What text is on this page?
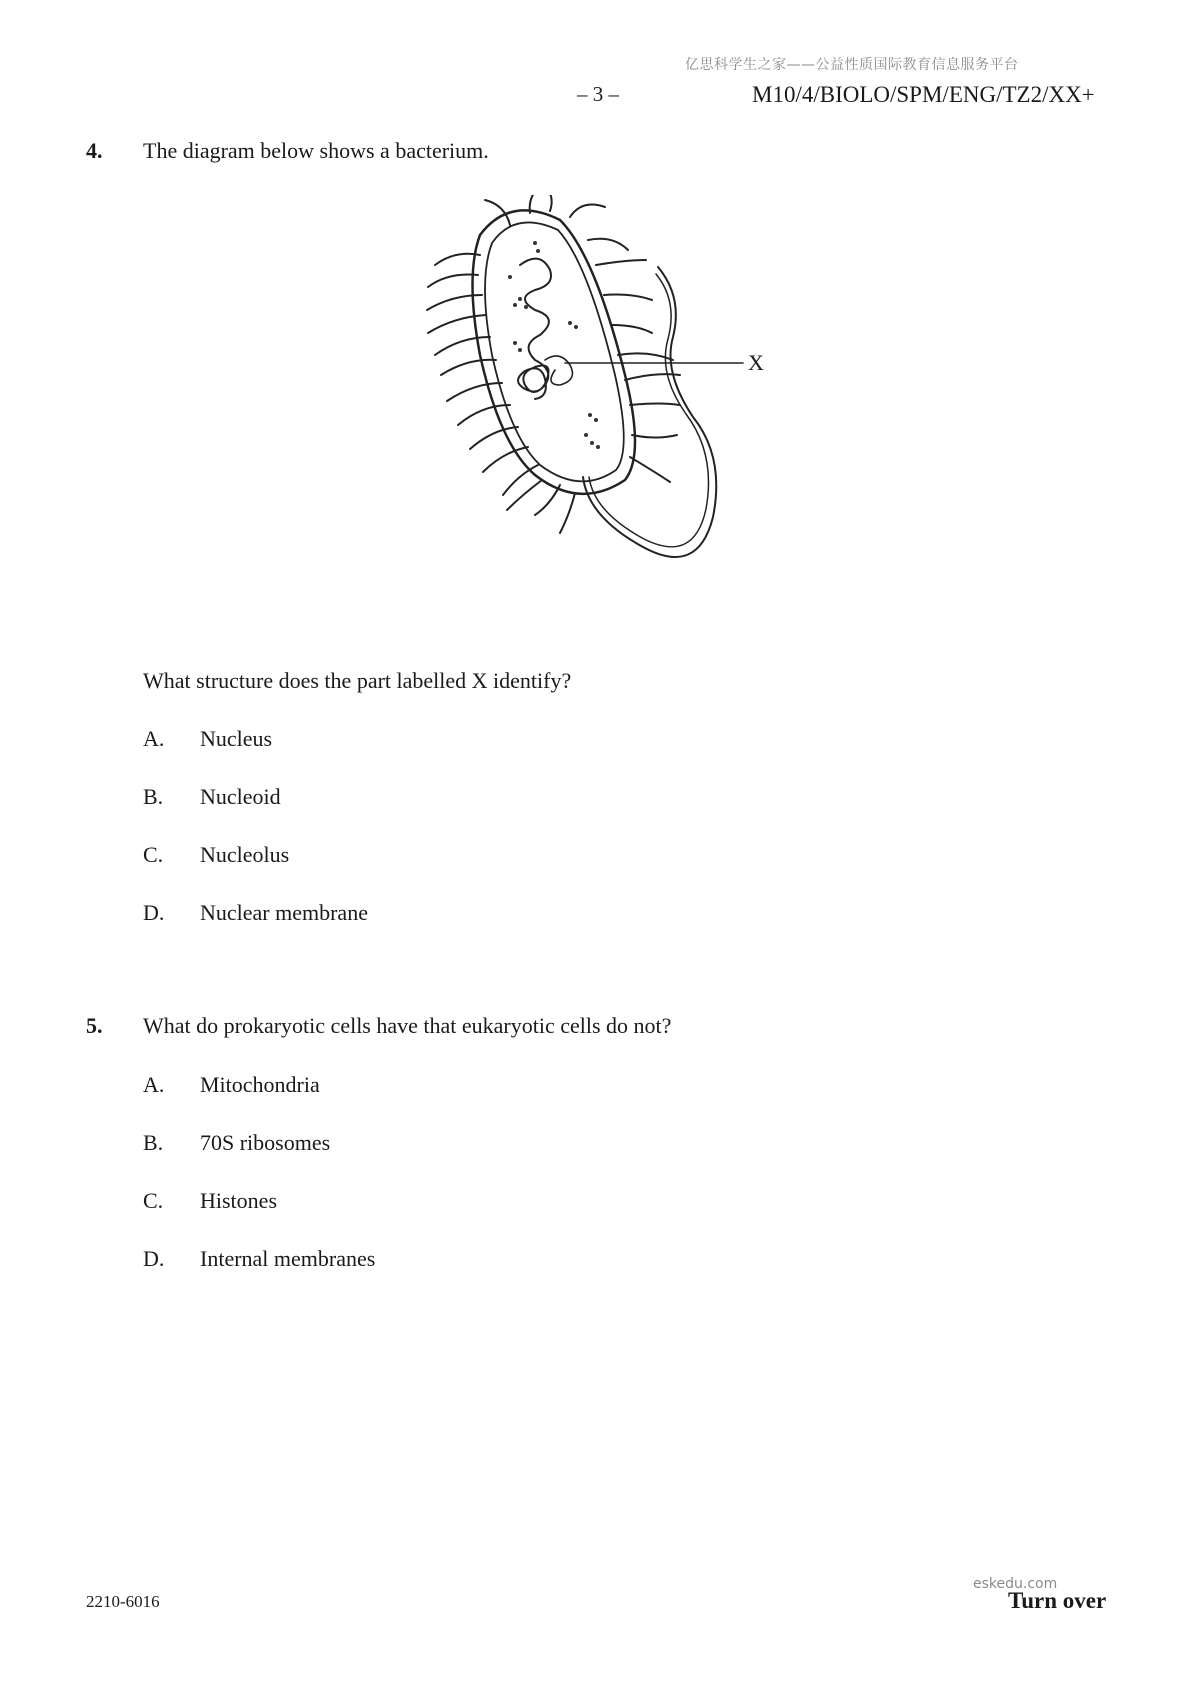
亿思科学生之家——公益性质国际教育信息服务平台
– 3 –	M10/4/BIOLO/SPM/ENG/TZ2/XX+
4. The diagram below shows a bacterium.
X
What structure does the part labelled X identify?
A. Nucleus
B. Nucleoid
C. Nucleolus
D. Nuclear membrane
5. What do prokaryotic cells have that eukaryotic cells do not?
A. Mitochondria
B. 70S ribosomes
C. Histones
D. Internal membranes
2210-6016
eskedu.com
Turn over
